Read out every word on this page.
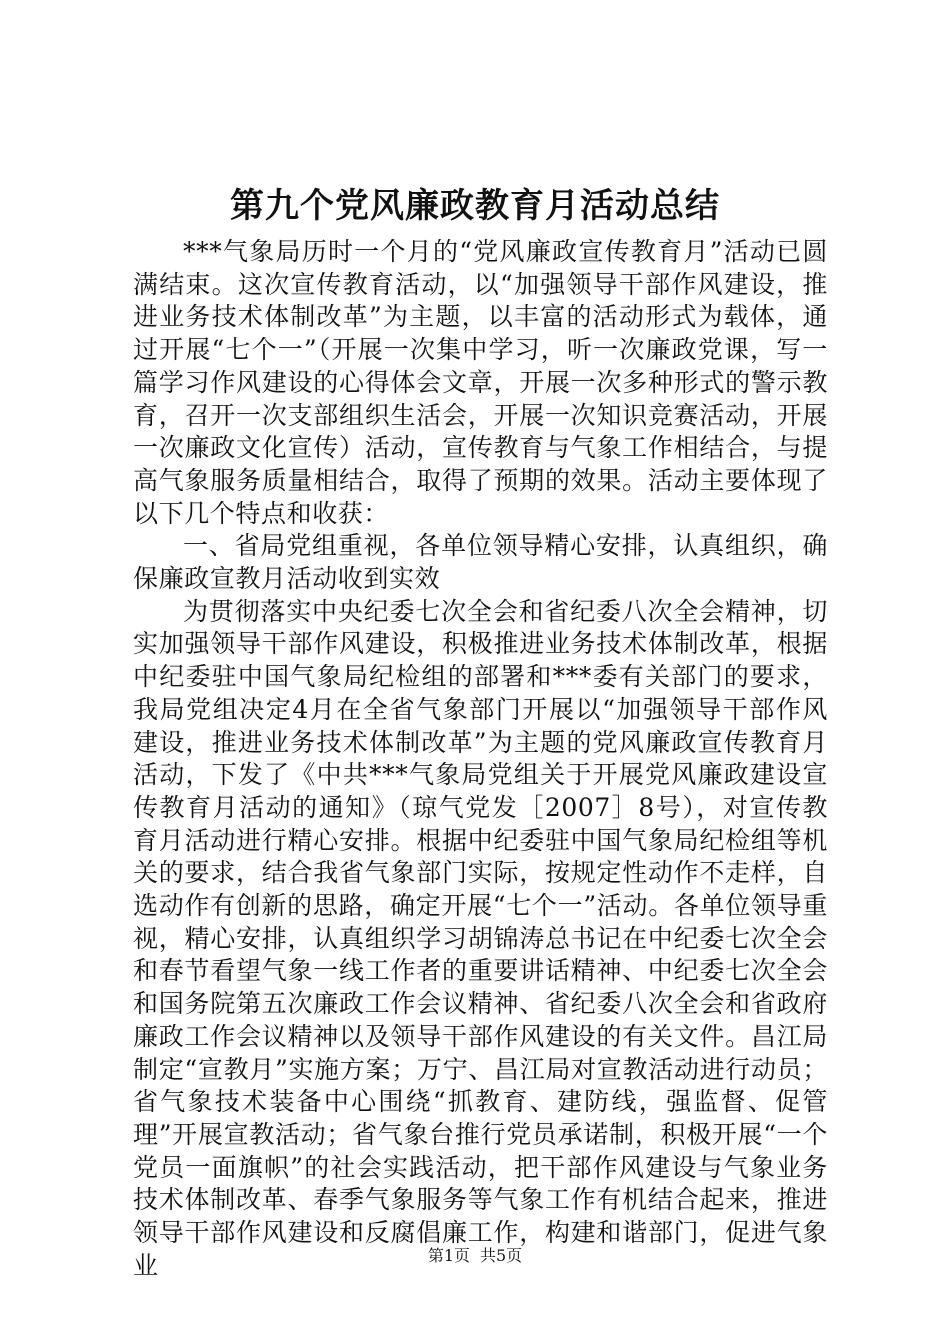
第九个党风廉政教育月活动总结

***气象局历时一个月的“党风廉政宣传教育月”活动已圆满结束。这次宣传教育活动，以“加强领导干部作风建设，推进业务技术体制改革”为主题，以丰富的活动形式为载体，通过开展“七个一”（开展一次集中学习，听一次廉政党课，写一篇学习作风建设的心得体会文章，开展一次多种形式的警示教育，召开一次支部组织生活会，开展一次知识竞赛活动，开展一次廉政文化宣传）活动，宣传教育与气象工作相结合，与提高气象服务质量相结合，取得了预期的效果。活动主要体现了以下几个特点和收获：

一、省局党组重视，各单位领导精心安排，认真组织，确保廉政宣教月活动收到实效

为贯彻落实中央纪委七次全会和省纪委八次全会精神，切实加强领导干部作风建设，积极推进业务技术体制改革，根据中纪委驻中国气象局纪检组的部署和***委有关部门的要求，我局党组决定4月在全省气象部门开展以“加强领导干部作风建设，推进业务技术体制改革”为主题的党风廉政宣传教育月活动，下发了《中共***气象局党组关于开展党风廉政建设宣传教育月活动的通知》（琼气党发［2007］8号），对宣传教育月活动进行精心安排。根据中纪委驻中国气象局纪检组等机关的要求，结合我省气象部门实际，按规定性动作不走样，自选动作有创新的思路，确定开展“七个一”活动。各单位领导重视，精心安排，认真组织学习胡锦涛总书记在中纪委七次全会和春节看望气象一线工作者的重要讲话精神、中纪委七次全会和国务院第五次廉政工作会议精神、省纪委八次全会和省政府廉政工作会议精神以及领导干部作风建设的有关文件。昌江局制定“宣教月”实施方案；万宁、昌江局对宣教活动进行动员；省气象技术装备中心围绕“抓教育、建防线，强监督、促管理”开展宣教活动；省气象台推行党员承诺制，积极开展“一个党员一面旗帜”的社会实践活动，把干部作风建设与气象业务技术体制改革、春季气象服务等气象工作有机结合起来，推进领导干部作风建设和反腐倡廉工作，构建和谐部门，促进气象业	第1页 共5页
